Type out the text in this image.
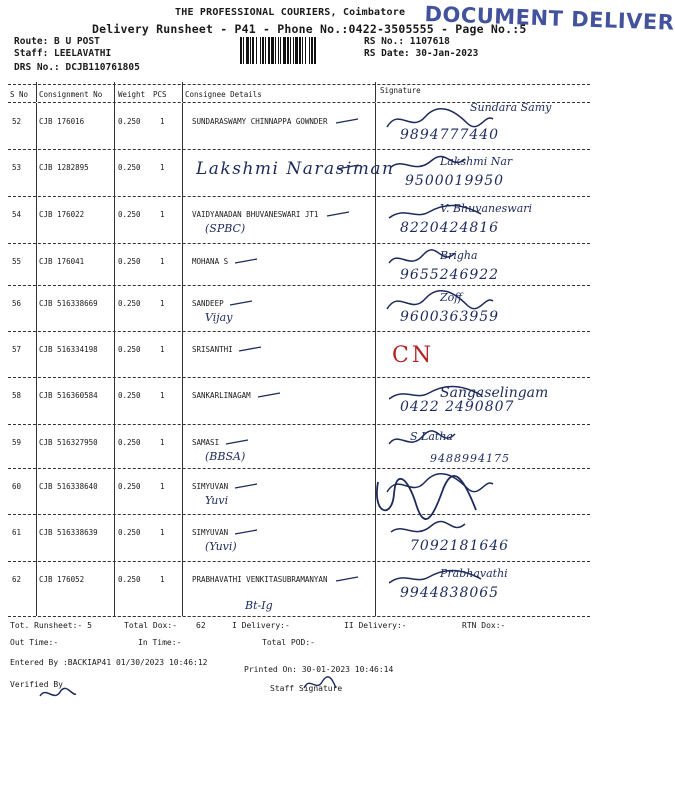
THE PROFESSIONAL COURIERS, Coimbatore
Delivery Runsheet - P41 - Phone No.:0422-3505555 - Page No.:5
DOCUMENT DELIVER
Route: B U POST
Staff: LEELAVATHI
DRS No.: DCJB110761805
RS No.: 1107618
RS Date: 30-Jan-2023
S No Consignment No Weight PCS Consignee Details	Signature
52 CJB 176016	0.250	1	SUNDARASWAMY CHINNAPPA GOWNDER
Sundara Samy
9894777440
53 CJB 1282895	0.250	1 Lakshmi Narasiman	Lakshmi Nar
9500019950
54 CJB 176022	0.250	1	VAIDYANADAN BHUVANESWARI JT1
(SPBC)
V. Bhuvaneswari
8220424816
55 CJB 176041	0.250	1	MOHANA S	Brigha
9655246922
56 CJB 516338669	0.250	1	SANDEEP
Vijay
Zoff
9600363959
57 CJB 516334198	0.250	1	SRISANTHI	CN
58 CJB 516360584	0.250	1	SANKARLINAGAM	Sangaselingam
0422 2490807
59 CJB 516327950	0.250	1	SAMASI
(BBSA)
S Latha
9488994175
60 CJB 516338640	0.250	1	SIMYUVAN
Yuvi
61 CJB 516338639	0.250	1	SIMYUVAN
(Yuvi)	7092181646
62 CJB 176052	0.250	1	PRABHAVATHI VENKITASUBRAMANYAN
Bt-Ig
Prabhavathi
9944838065
Tot. Runsheet:- 5	Total Dox:- 62	I Delivery:-	II Delivery:-	RTN Dox:-
Out Time:-	In Time:-	Total POD:-
Entered By :BACKIAP41 01/30/2023 10:46:12
Printed On: 30-01-2023 10:46:14
Verified By	Staff Signature
